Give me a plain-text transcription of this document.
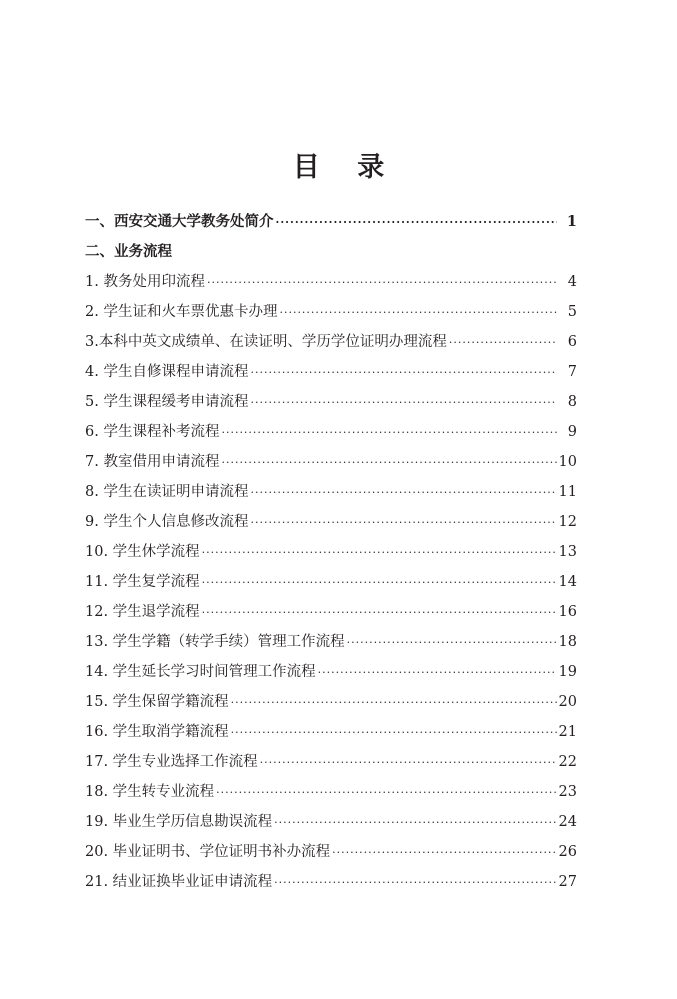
目 录
一、西安交通大学教务处简介 ·····	1
二、业务流程
1. 教务处用印流程 ·····	4
2. 学生证和火车票优惠卡办理 ·····	5
3.本科中英文成绩单、在读证明、学历学位证明办理流程 ·····	6
4. 学生自修课程申请流程 ·····	7
5. 学生课程缓考申请流程 ·····	8
6. 学生课程补考流程 ·····	9
7. 教室借用申请流程 ·····	10
8. 学生在读证明申请流程 ·····	11
9. 学生个人信息修改流程 ·····	12
10. 学生休学流程 ·····	13
11. 学生复学流程 ·····	14
12. 学生退学流程 ·····	16
13. 学生学籍（转学手续）管理工作流程 ·····	18
14. 学生延长学习时间管理工作流程 ·····	19
15. 学生保留学籍流程 ·····	20
16. 学生取消学籍流程 ·····	21
17. 学生专业选择工作流程 ·····	22
18. 学生转专业流程 ·····	23
19. 毕业生学历信息勘误流程 ·····	24
20. 毕业证明书、学位证明书补办流程 ·····	26
21. 结业证换毕业证申请流程 ·····	27
